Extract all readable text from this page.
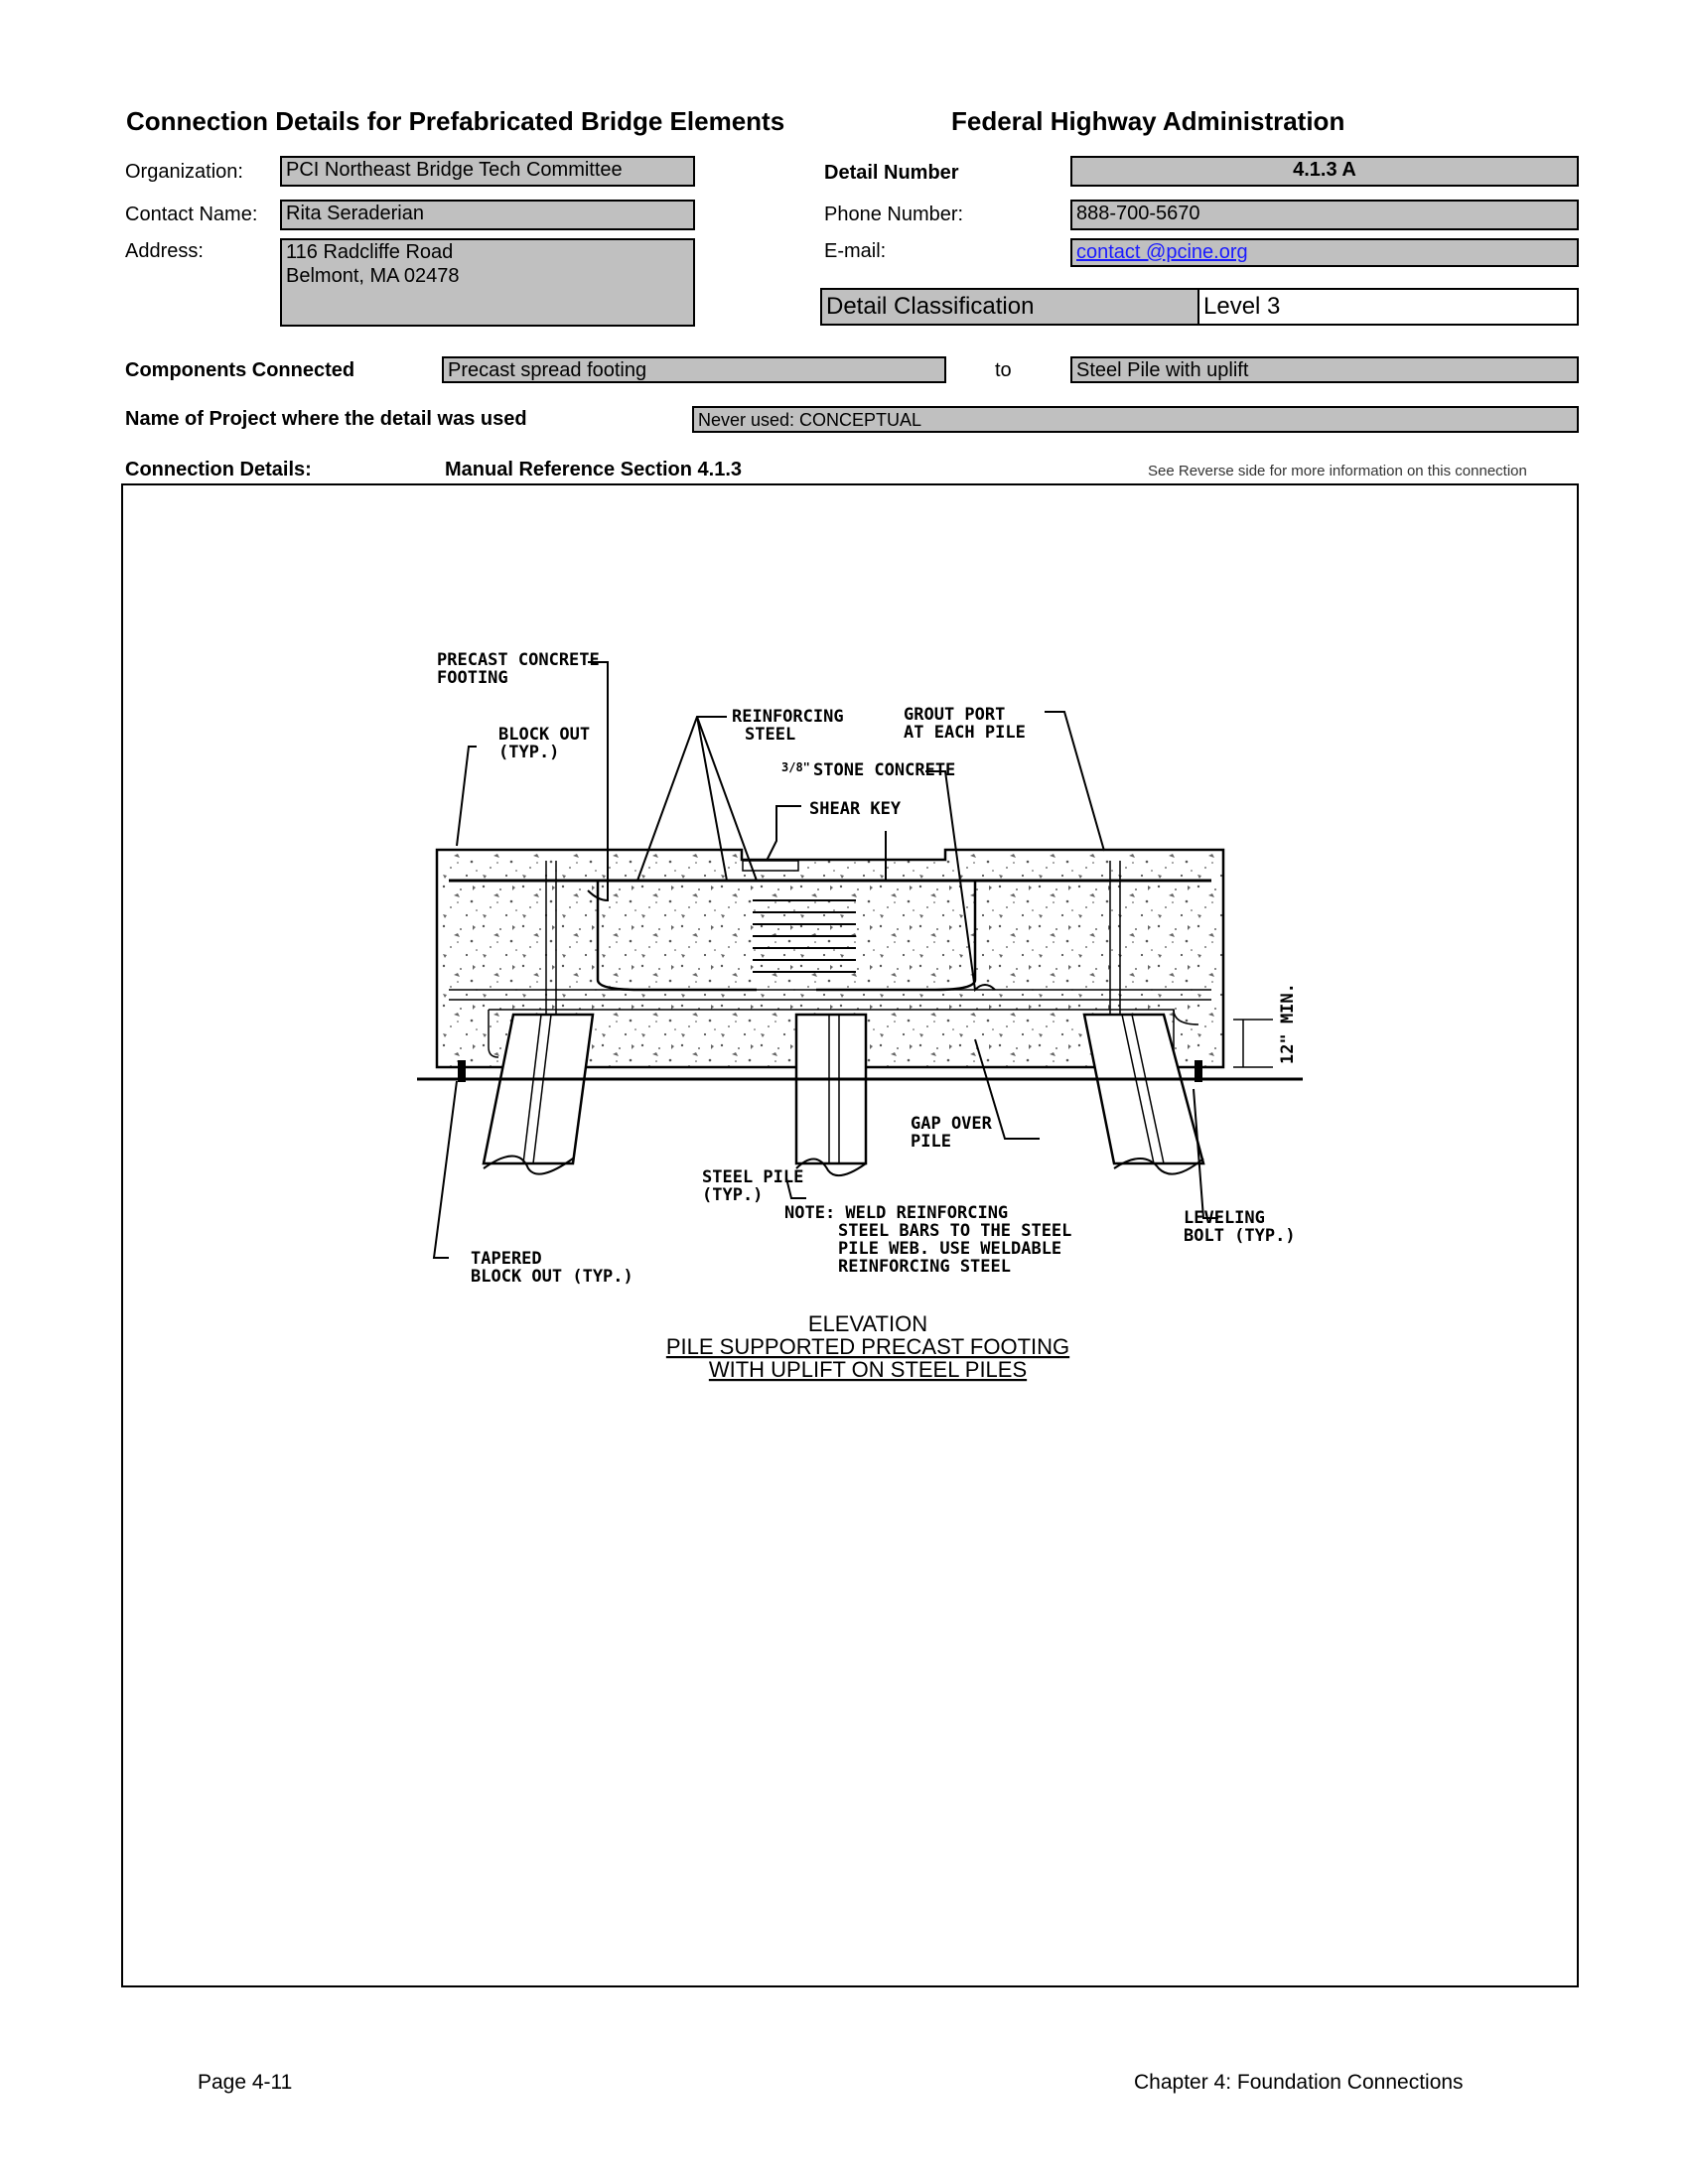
Connection Details for Prefabricated Bridge Elements	Federal Highway Administration
Organization:	PCI Northeast Bridge Tech Committee
Contact Name:	Rita Seraderian
Address:	116 Radcliffe Road
Belmont, MA 02478
Detail Number	4.1.3 A
Phone Number:	888-700-5670
E-mail:	contact @pcine.org
Detail Classification	Level 3
Components Connected	Precast spread footing	to	Steel Pile with uplift
Name of Project where the detail was used	Never used: CONCEPTUAL
Connection Details:	Manual Reference Section 4.1.3	See Reverse side for more information on this connection
PRECAST CONCRETE FOOTING
BLOCK OUT (TYP.)
REINFORCING STEEL
GROUT PORT AT EACH PILE
3/8" STONE CONCRETE
SHEAR KEY
GAP OVER PILE
STEEL PILE (TYP.)
NOTE: WELD REINFORCING STEEL BARS TO THE STEEL PILE WEB. USE WELDABLE REINFORCING STEEL
LEVELING BOLT (TYP.)
TAPERED BLOCK OUT (TYP.)
12" MIN.
ELEVATION
PILE SUPPORTED PRECAST FOOTING
WITH UPLIFT ON STEEL PILES
Page 4-11	Chapter 4: Foundation Connections
